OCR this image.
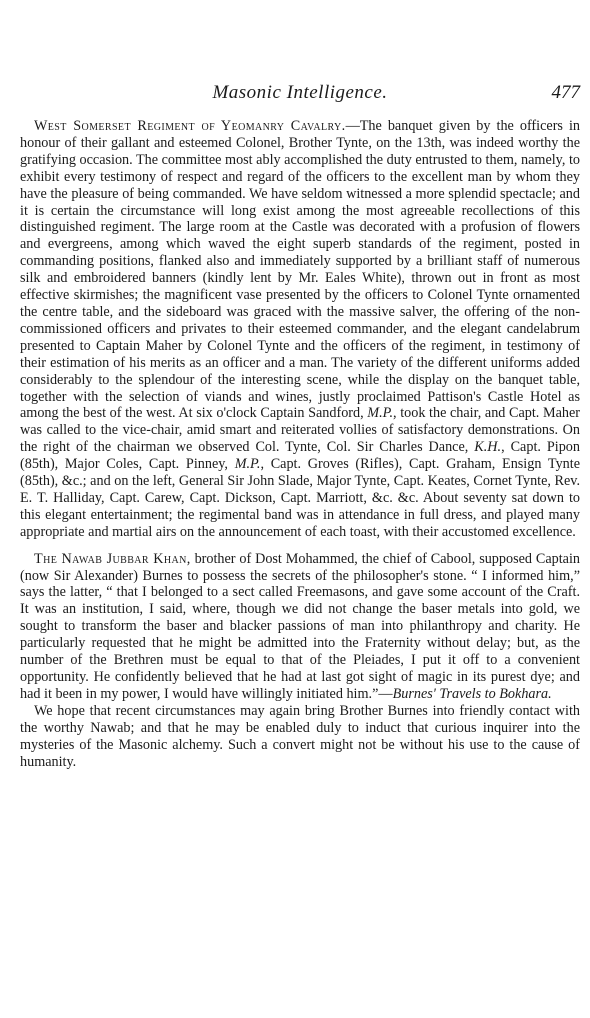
Masonic Intelligence.	477

West Somerset Regiment of Yeomanry Cavalry.—The banquet given by the officers in honour of their gallant and esteemed Colonel, Brother Tynte, on the 13th, was indeed worthy the gratifying occasion. The committee most ably accomplished the duty entrusted to them, namely, to exhibit every testimony of respect and regard of the officers to the excellent man by whom they have the pleasure of being commanded. We have seldom witnessed a more splendid spectacle; and it is certain the circumstance will long exist among the most agreeable recollections of this distinguished regiment. The large room at the Castle was decorated with a profusion of flowers and evergreens, among which waved the eight superb standards of the regiment, posted in commanding positions, flanked also and immediately supported by a brilliant staff of numerous silk and embroidered banners (kindly lent by Mr. Eales White), thrown out in front as most effective skirmishes; the magnificent vase presented by the officers to Colonel Tynte ornamented the centre table, and the sideboard was graced with the massive salver, the offering of the non-commissioned officers and privates to their esteemed commander, and the elegant candelabrum presented to Captain Maher by Colonel Tynte and the officers of the regiment, in testimony of their estimation of his merits as an officer and a man. The variety of the different uniforms added considerably to the splendour of the interesting scene, while the display on the banquet table, together with the selection of viands and wines, justly proclaimed Pattison's Castle Hotel as among the best of the west. At six o'clock Captain Sandford, M.P., took the chair, and Capt. Maher was called to the vice-chair, amid smart and reiterated vollies of satisfactory demonstrations. On the right of the chairman we observed Col. Tynte, Col. Sir Charles Dance, K.H., Capt. Pipon (85th), Major Coles, Capt. Pinney, M.P., Capt. Groves (Rifles), Capt. Graham, Ensign Tynte (85th), &c.; and on the left, General Sir John Slade, Major Tynte, Capt. Keates, Cornet Tynte, Rev. E. T. Halliday, Capt. Carew, Capt. Dickson, Capt. Marriott, &c. &c. About seventy sat down to this elegant entertainment; the regimental band was in attendance in full dress, and played many appropriate and martial airs on the announcement of each toast, with their accustomed excellence.

The Nawab Jubbar Khan, brother of Dost Mohammed, the chief of Cabool, supposed Captain (now Sir Alexander) Burnes to possess the secrets of the philosopher's stone. “ I informed him,” says the latter, “ that I belonged to a sect called Freemasons, and gave some account of the Craft. It was an institution, I said, where, though we did not change the baser metals into gold, we sought to transform the baser and blacker passions of man into philanthropy and charity. He particularly requested that he might be admitted into the Fraternity without delay; but, as the number of the Brethren must be equal to that of the Pleiades, I put it off to a convenient opportunity. He confidently believed that he had at last got sight of magic in its purest dye; and had it been in my power, I would have willingly initiated him.”—Burnes' Travels to Bokhara.

We hope that recent circumstances may again bring Brother Burnes into friendly contact with the worthy Nawab; and that he may be enabled duly to induct that curious inquirer into the mysteries of the Masonic alchemy. Such a convert might not be without his use to the cause of humanity.
